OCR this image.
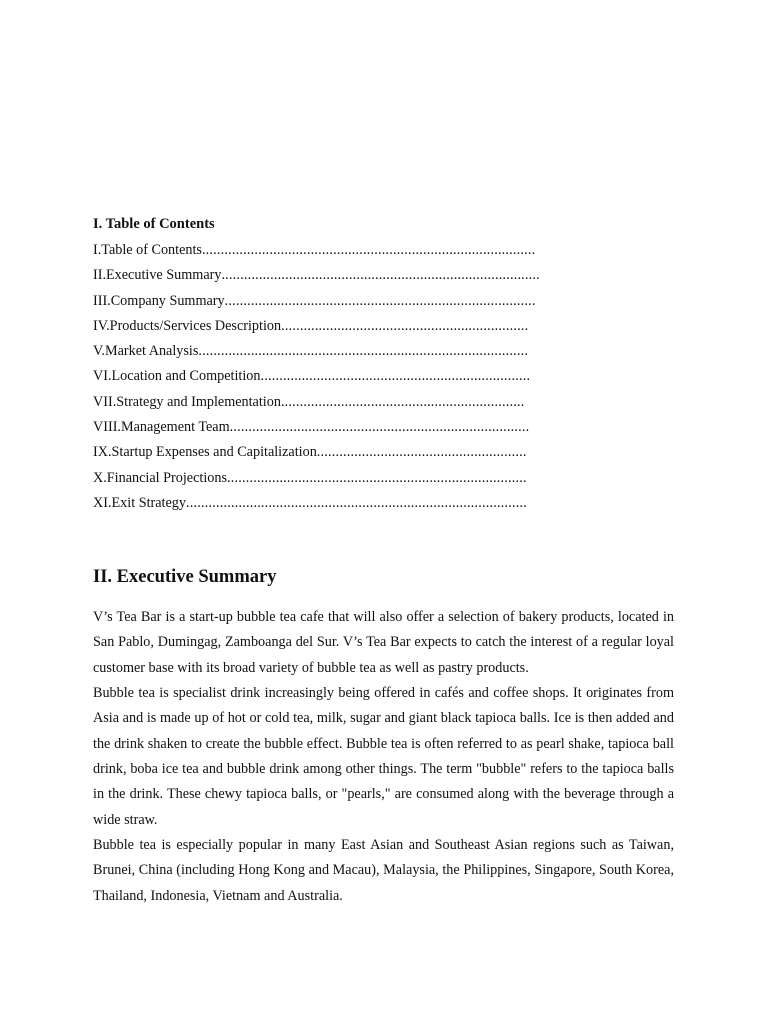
I. Table of Contents
I.Table of Contents.........................................................................................
II.Executive Summary.....................................................................................
III.Company Summary...................................................................................
IV.Products/Services Description..................................................................
V.Market Analysis........................................................................................
VI.Location and Competition........................................................................
VII.Strategy and Implementation.................................................................
VIII.Management Team................................................................................
IX.Startup Expenses and Capitalization........................................................
X.Financial Projections................................................................................
XI.Exit Strategy...........................................................................................
II. Executive Summary

V’s Tea Bar is a start-up bubble tea cafe that will also offer a selection of bakery products, located in San Pablo, Dumingag, Zamboanga del Sur. V’s Tea Bar expects to catch the interest of a regular loyal customer base with its broad variety of bubble tea as well as pastry products.

Bubble tea is specialist drink increasingly being offered in cafés and coffee shops. It originates from Asia and is made up of hot or cold tea, milk, sugar and giant black tapioca balls. Ice is then added and the drink shaken to create the bubble effect. Bubble tea is often referred to as pearl shake, tapioca ball drink, boba ice tea and bubble drink among other things. The term "bubble" refers to the tapioca balls in the drink. These chewy tapioca balls, or "pearls," are consumed along with the beverage through a wide straw.

Bubble tea is especially popular in many East Asian and Southeast Asian regions such as Taiwan, Brunei, China (including Hong Kong and Macau), Malaysia, the Philippines, Singapore, South Korea, Thailand, Indonesia, Vietnam and Australia.
